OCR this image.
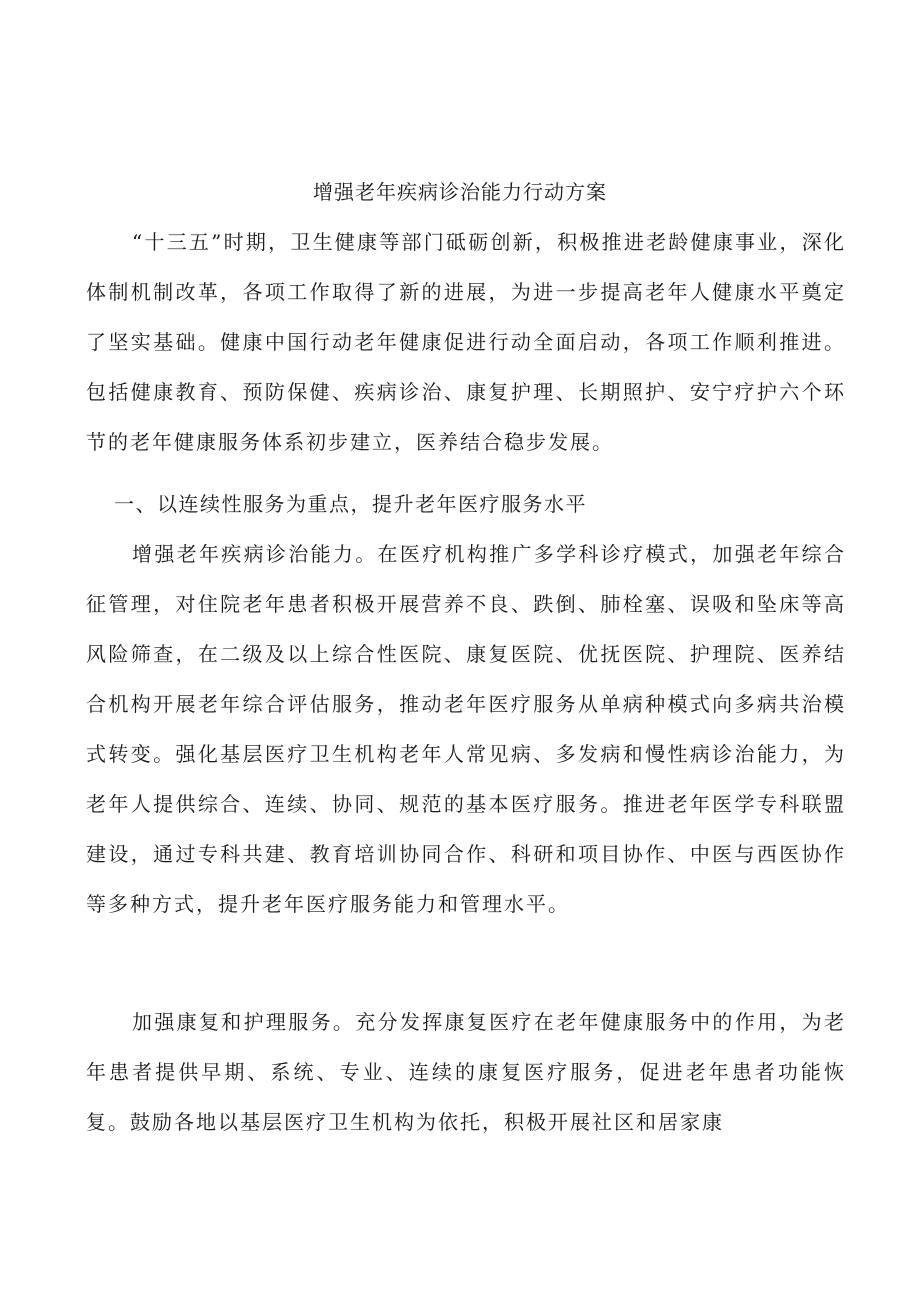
增强老年疾病诊治能力行动方案

“十三五”时期，卫生健康等部门砥砺创新，积极推进老龄健康事业，深化体制机制改革，各项工作取得了新的进展，为进一步提高老年人健康水平奠定了坚实基础。健康中国行动老年健康促进行动全面启动，各项工作顺利推进。包括健康教育、预防保健、疾病诊治、康复护理、长期照护、安宁疗护六个环节的老年健康服务体系初步建立，医养结合稳步发展。

一、以连续性服务为重点，提升老年医疗服务水平

增强老年疾病诊治能力。在医疗机构推广多学科诊疗模式，加强老年综合征管理，对住院老年患者积极开展营养不良、跌倒、肺栓塞、误吸和坠床等高风险筛查，在二级及以上综合性医院、康复医院、优抚医院、护理院、医养结合机构开展老年综合评估服务，推动老年医疗服务从单病种模式向多病共治模式转变。强化基层医疗卫生机构老年人常见病、多发病和慢性病诊治能力，为老年人提供综合、连续、协同、规范的基本医疗服务。推进老年医学专科联盟建设，通过专科共建、教育培训协同合作、科研和项目协作、中医与西医协作等多种方式，提升老年医疗服务能力和管理水平。

加强康复和护理服务。充分发挥康复医疗在老年健康服务中的作用，为老年患者提供早期、系统、专业、连续的康复医疗服务，促进老年患者功能恢复。鼓励各地以基层医疗卫生机构为依托，积极开展社区和居家康
